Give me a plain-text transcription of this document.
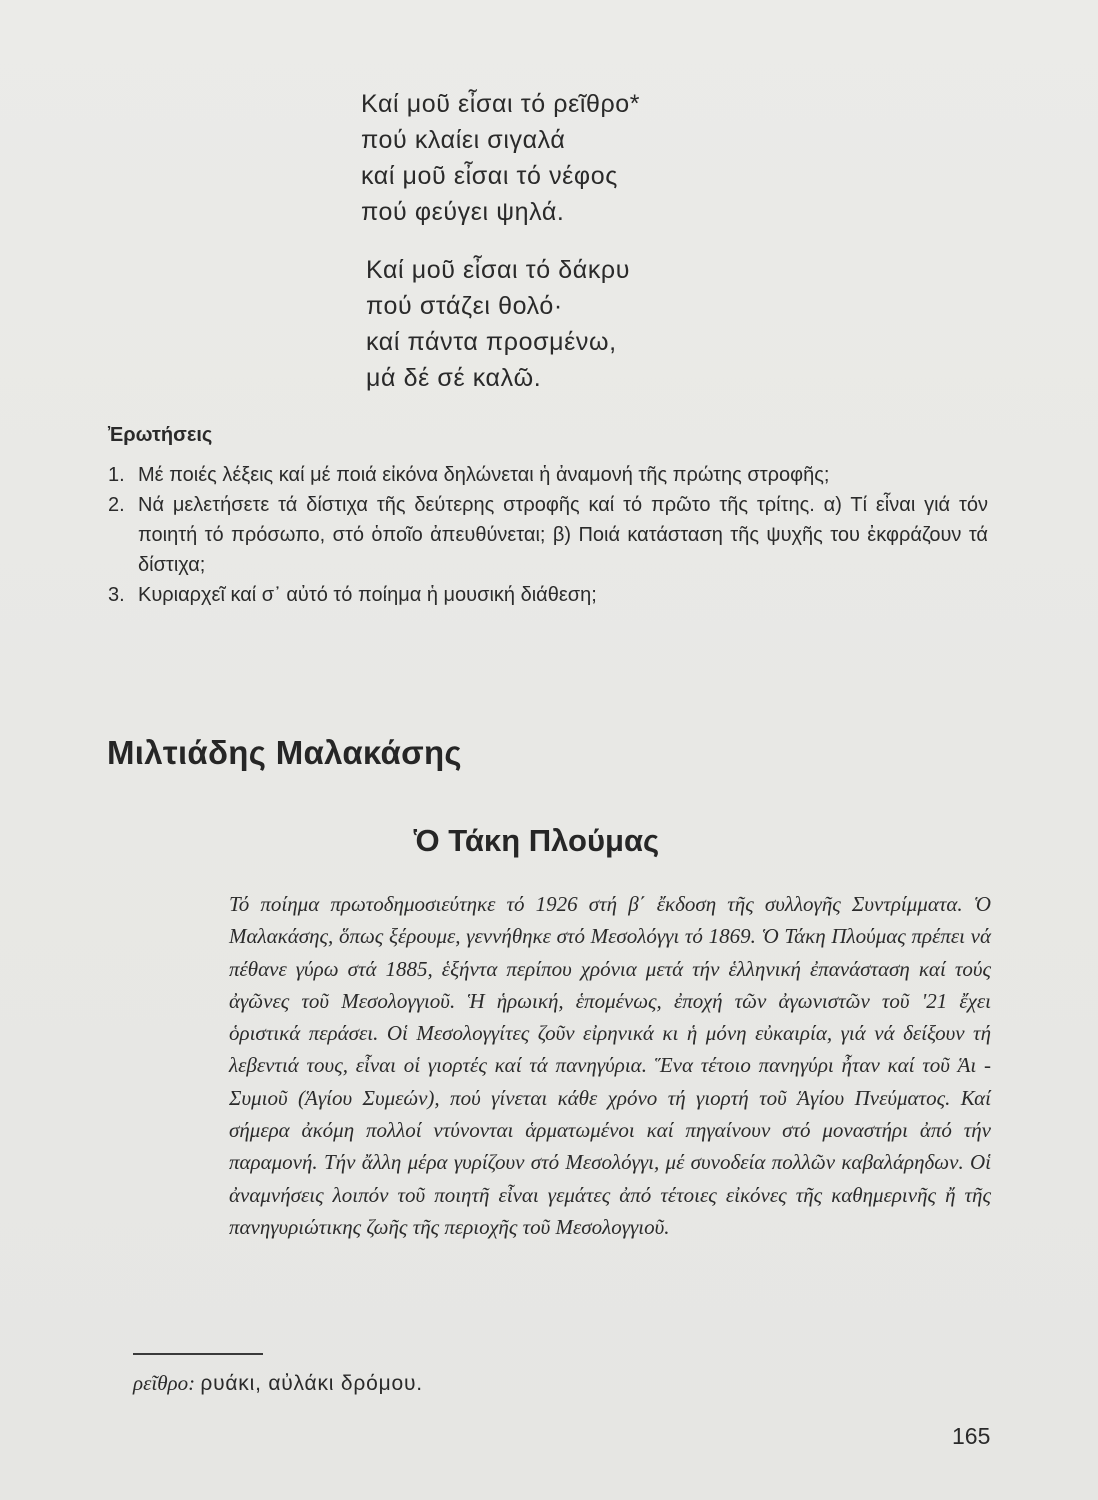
Καί μοῦ εἶσαι τό ρεῖθρο*
πού κλαίει σιγαλά
καί μοῦ εἶσαι τό νέφος
πού φεύγει ψηλά.
Καί μοῦ εἶσαι τό δάκρυ
πού στάζει θολό·
καί πάντα προσμένω,
μά δέ σέ καλῶ.
Ἐρωτήσεις
1. Μέ ποιές λέξεις καί μέ ποιά εἰκόνα δηλώνεται ἡ ἀναμονή τῆς πρώτης στροφῆς;
2. Νά μελετήσετε τά δίστιχα τῆς δεύτερης στροφῆς καί τό πρῶτο τῆς τρίτης. α) Τί εἶναι γιά τόν ποιητή τό πρόσωπο, στό ὁποῖο ἀπευθύνεται; β) Ποιά κατάσταση τῆς ψυχῆς του ἐκφράζουν τά δίστιχα;
3. Κυριαρχεῖ καί σ᾽ αὐτό τό ποίημα ἡ μουσική διάθεση;
Μιλτιάδης Μαλακάσης
Ὁ Τάκη Πλούμας
Τό ποίημα πρωτοδημοσιεύτηκε τό 1926 στή β΄ ἔκδοση τῆς συλλογῆς Συντρίμματα. Ὁ Μαλακάσης, ὅπως ξέρουμε, γεννήθηκε στό Μεσολόγγι τό 1869. Ὁ Τάκη Πλούμας πρέπει νά πέθανε γύρω στά 1885, ἑξήντα περίπου χρόνια μετά τήν ἑλληνική ἐπανάσταση καί τούς ἀγῶνες τοῦ Μεσολογγιοῦ. Ἡ ἡρωική, ἑπομένως, ἐποχή τῶν ἀγωνιστῶν τοῦ '21 ἔχει ὁριστικά περάσει. Οἱ Μεσολογγίτες ζοῦν εἰρηνικά κι ἡ μόνη εὐκαιρία, γιά νά δείξουν τή λεβεντιά τους, εἶναι οἱ γιορτές καί τά πανηγύρια. Ἕνα τέτοιο πανηγύρι ἦταν καί τοῦ Ἁι - Συμιοῦ (Ἁγίου Συμεών), πού γίνεται κάθε χρόνο τή γιορτή τοῦ Ἁγίου Πνεύματος. Καί σήμερα ἀκόμη πολλοί ντύνονται ἁρματωμένοι καί πηγαίνουν στό μοναστήρι ἀπό τήν παραμονή. Τήν ἄλλη μέρα γυρίζουν στό Μεσολόγγι, μέ συνοδεία πολλῶν καβαλάρηδων. Οἱ ἀναμνήσεις λοιπόν τοῦ ποιητῆ εἶναι γεμάτες ἀπό τέτοιες εἰκόνες τῆς καθημερινῆς ἤ τῆς πανηγυριώτικης ζωῆς τῆς περιοχῆς τοῦ Μεσολογγιοῦ.
ρεῖθρο: ρυάκι, αὐλάκι δρόμου.
165
